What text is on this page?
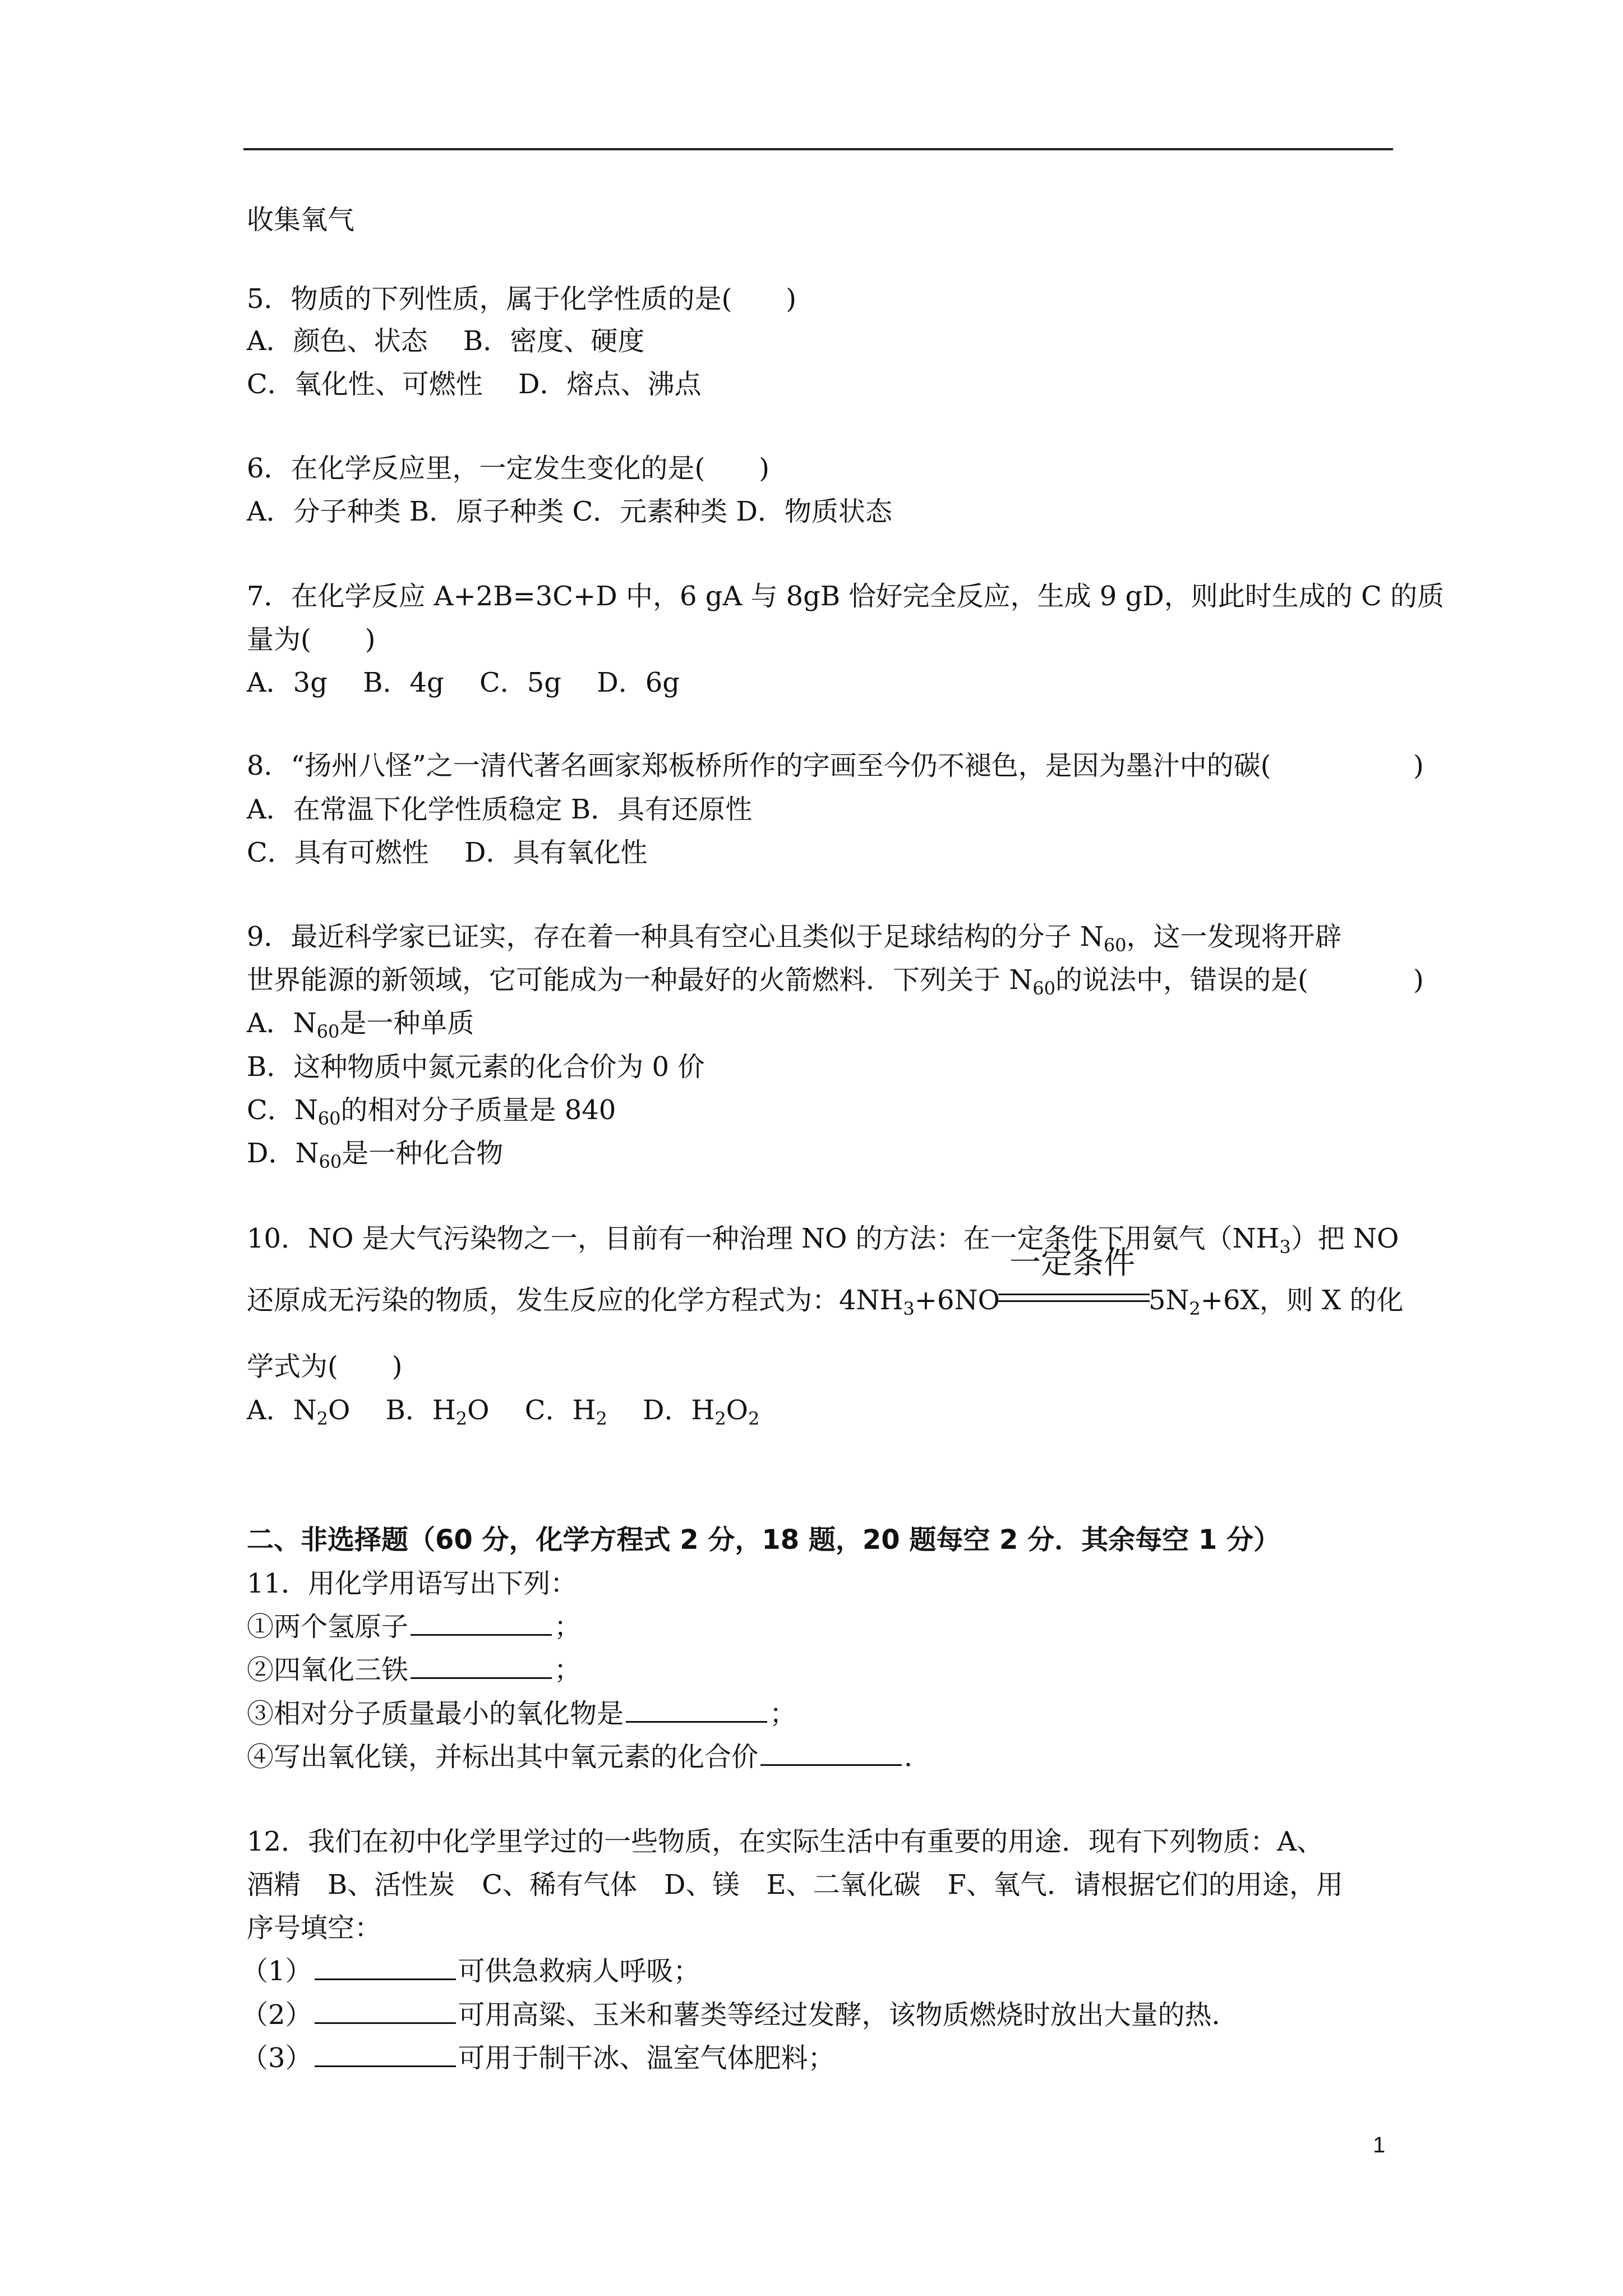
收集氧气
5．物质的下列性质，属于化学性质的是(　　)
A．颜色、状态　 B．密度、硬度
C．氧化性、可燃性　 D．熔点、沸点
6．在化学反应里，一定发生变化的是(　　)
A．分子种类 B．原子种类 C．元素种类 D．物质状态
7．在化学反应 A+2B=3C+D 中，6 gA 与 8gB 恰好完全反应，生成 9 gD，则此时生成的 C 的质
量为(　　)
A．3g　 B．4g　 C．5g　 D．6g
8．“扬州八怪”之一清代著名画家郑板桥所作的字画至今仍不褪色，是因为墨汁中的碳(　　	)
A．在常温下化学性质稳定 B．具有还原性
C．具有可燃性　 D．具有氧化性
9．最近科学家已证实，存在着一种具有空心且类似于足球结构的分子 $N_{60}$，这一发现将开辟
世界能源的新领域，它可能成为一种最好的火箭燃料．下列关于 $N_{60}$的说法中，错误的是(　　 )
A．$N_{60}$是一种单质
B．这种物质中氮元素的化合价为 0 价
C．$N_{60}$的相对分子质量是 840
D．$N_{60}$是一种化合物
10．NO 是大气污染物之一，目前有一种治理 NO 的方法：在一定条件下用氨气$(NH_3)$把 NO
还原成无污染的物质，发生反应的化学方程式为：$4NH_3+6NO$	$5N_2+6X$，则 X 的化
一定条件
学式为(　　)
A．$N_2O$　 B．$H_2O$　 C．$H_2$　 D．$H_2O_2$
二、非选择题（60 分，化学方程式 2 分，18 题，20 题每空 2 分．其余每空 1 分）
11．用化学用语写出下列：
①两个氢原子	；
②四氧化三铁	；
③相对分子质量最小的氧化物是	；
④写出氧化镁，并标出其中氧元素的化合价	．
12．我们在初中化学里学过的一些物质，在实际生活中有重要的用途．现有下列物质：A、
酒精　B、活性炭　C、稀有气体　D、镁　E、二氧化碳　F、氧气．请根据它们的用途，用
序号填空：
（1）	可供急救病人呼吸；
（2）	可用高粱、玉米和薯类等经过发酵，该物质燃烧时放出大量的热．
（3）	可用于制干冰、温室气体肥料；
1
